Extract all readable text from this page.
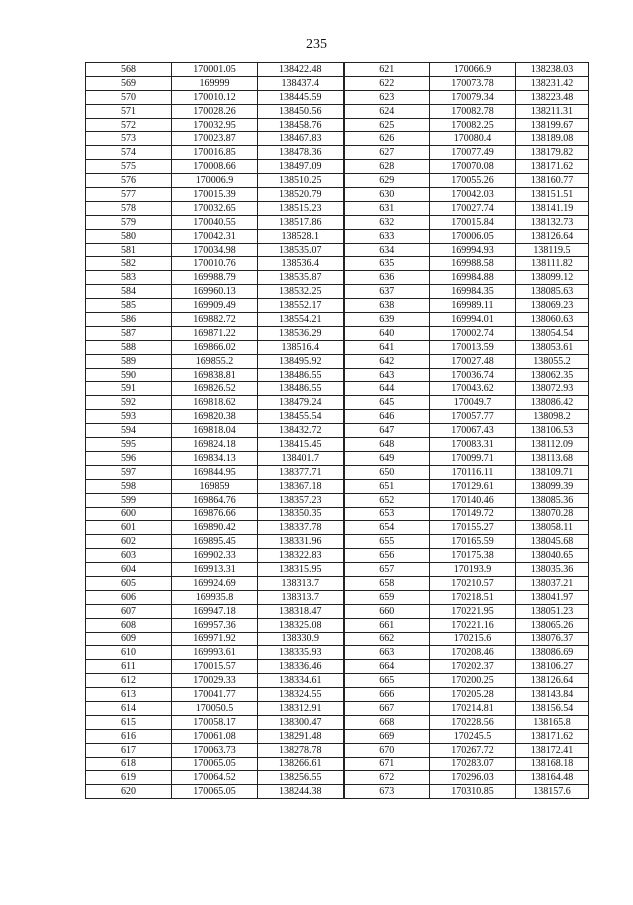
235
568	170001.05	138422.48	621	170066.9	138238.03
569	169999	138437.4	622	170073.78	138231.42
570	170010.12	138445.59	623	170079.34	138223.48
571	170028.26	138450.56	624	170082.78	138211.31
572	170032.95	138458.76	625	170082.25	138199.67
573	170023.87	138467.83	626	170080.4	138189.08
574	170016.85	138478.36	627	170077.49	138179.82
575	170008.66	138497.09	628	170070.08	138171.62
576	170006.9	138510.25	629	170055.26	138160.77
577	170015.39	138520.79	630	170042.03	138151.51
578	170032.65	138515.23	631	170027.74	138141.19
579	170040.55	138517.86	632	170015.84	138132.73
580	170042.31	138528.1	633	170006.05	138126.64
581	170034.98	138535.07	634	169994.93	138119.5
582	170010.76	138536.4	635	169988.58	138111.82
583	169988.79	138535.87	636	169984.88	138099.12
584	169960.13	138532.25	637	169984.35	138085.63
585	169909.49	138552.17	638	169989.11	138069.23
586	169882.72	138554.21	639	169994.01	138060.63
587	169871.22	138536.29	640	170002.74	138054.54
588	169866.02	138516.4	641	170013.59	138053.61
589	169855.2	138495.92	642	170027.48	138055.2
590	169838.81	138486.55	643	170036.74	138062.35
591	169826.52	138486.55	644	170043.62	138072.93
592	169818.62	138479.24	645	170049.7	138086.42
593	169820.38	138455.54	646	170057.77	138098.2
594	169818.04	138432.72	647	170067.43	138106.53
595	169824.18	138415.45	648	170083.31	138112.09
596	169834.13	138401.7	649	170099.71	138113.68
597	169844.95	138377.71	650	170116.11	138109.71
598	169859	138367.18	651	170129.61	138099.39
599	169864.76	138357.23	652	170140.46	138085.36
600	169876.66	138350.35	653	170149.72	138070.28
601	169890.42	138337.78	654	170155.27	138058.11
602	169895.45	138331.96	655	170165.59	138045.68
603	169902.33	138322.83	656	170175.38	138040.65
604	169913.31	138315.95	657	170193.9	138035.36
605	169924.69	138313.7	658	170210.57	138037.21
606	169935.8	138313.7	659	170218.51	138041.97
607	169947.18	138318.47	660	170221.95	138051.23
608	169957.36	138325.08	661	170221.16	138065.26
609	169971.92	138330.9	662	170215.6	138076.37
610	169993.61	138335.93	663	170208.46	138086.69
611	170015.57	138336.46	664	170202.37	138106.27
612	170029.33	138334.61	665	170200.25	138126.64
613	170041.77	138324.55	666	170205.28	138143.84
614	170050.5	138312.91	667	170214.81	138156.54
615	170058.17	138300.47	668	170228.56	138165.8
616	170061.08	138291.48	669	170245.5	138171.62
617	170063.73	138278.78	670	170267.72	138172.41
618	170065.05	138266.61	671	170283.07	138168.18
619	170064.52	138256.55	672	170296.03	138164.48
620	170065.05	138244.38	673	170310.85	138157.6
